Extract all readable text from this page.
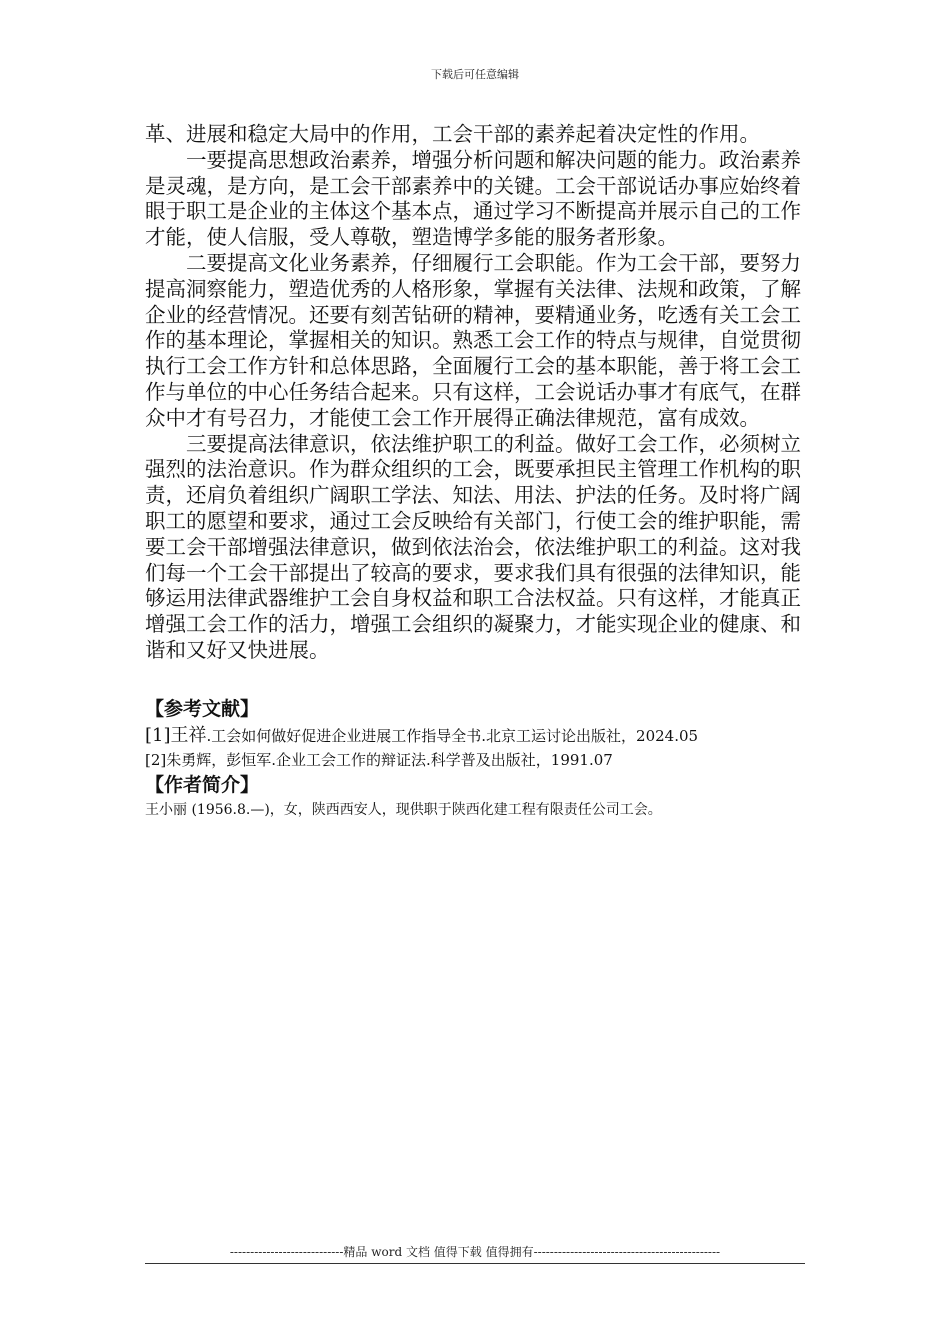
下载后可任意编辑

革、进展和稳定大局中的作用，工会干部的素养起着决定性的作用。

一要提高思想政治素养，增强分析问题和解决问题的能力。政治素养是灵魂，是方向，是工会干部素养中的关键。工会干部说话办事应始终着眼于职工是企业的主体这个基本点，通过学习不断提高并展示自己的工作才能，使人信服，受人尊敬，塑造博学多能的服务者形象。

二要提高文化业务素养，仔细履行工会职能。作为工会干部，要努力提高洞察能力，塑造优秀的人格形象，掌握有关法律、法规和政策，了解企业的经营情况。还要有刻苦钻研的精神，要精通业务，吃透有关工会工作的基本理论，掌握相关的知识。熟悉工会工作的特点与规律，自觉贯彻执行工会工作方针和总体思路，全面履行工会的基本职能，善于将工会工作与单位的中心任务结合起来。只有这样，工会说话办事才有底气，在群众中才有号召力，才能使工会工作开展得正确法律规范，富有成效。

三要提高法律意识，依法维护职工的利益。做好工会工作，必须树立强烈的法治意识。作为群众组织的工会，既要承担民主管理工作机构的职责，还肩负着组织广阔职工学法、知法、用法、护法的任务。及时将广阔职工的愿望和要求，通过工会反映给有关部门，行使工会的维护职能，需要工会干部增强法律意识，做到依法治会，依法维护职工的利益。这对我们每一个工会干部提出了较高的要求，要求我们具有很强的法律知识，能够运用法律武器维护工会自身权益和职工合法权益。只有这样，才能真正增强工会工作的活力，增强工会组织的凝聚力，才能实现企业的健康、和谐和又好又快进展。

【参考文献】
[1]王祥.工会如何做好促进企业进展工作指导全书.北京工运讨论出版社，2024.05
[2]朱勇辉，彭恒军.企业工会工作的辩证法.科学普及出版社，1991.07
【作者简介】
王小丽 (1956.8.—)，女，陕西西安人，现供职于陕西化建工程有限责任公司工会。
----------------------------精品 word 文档 值得下载 值得拥有----------------------------------------------
